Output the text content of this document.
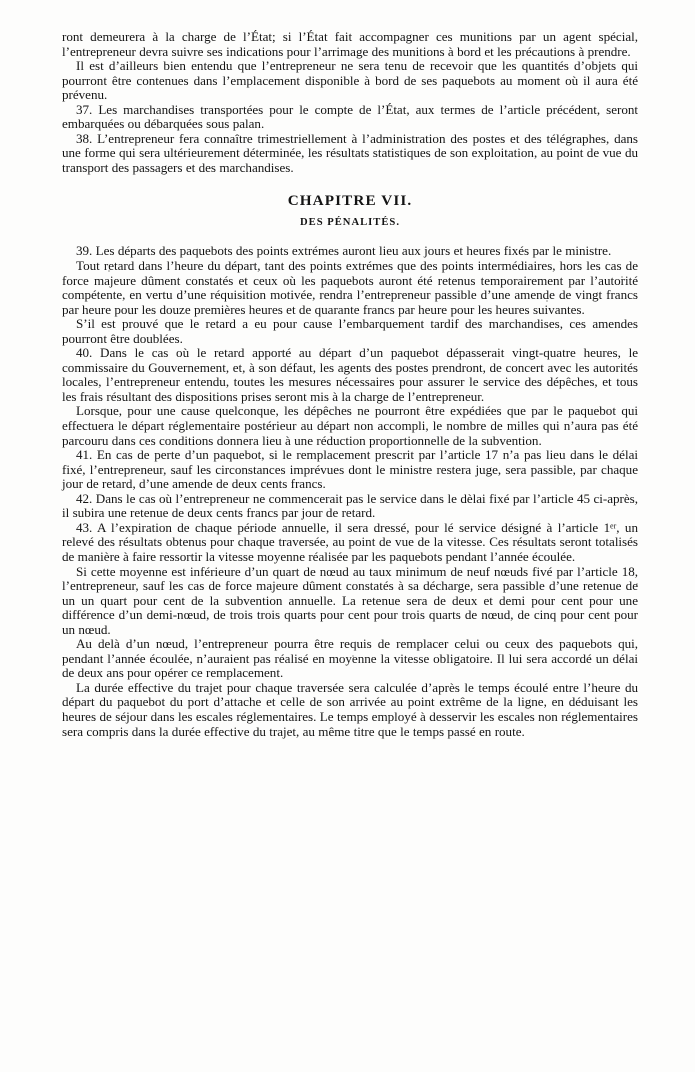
ront demeurera à la charge de l’État; si l’État fait accompagner ces munitions par un agent spécial, l’entrepreneur devra suivre ses indications pour l’arrimage des munitions à bord et les précautions à prendre.

Il est d’ailleurs bien entendu que l’entrepreneur ne sera tenu de recevoir que les quantités d’objets qui pourront être contenues dans l’emplacement disponible à bord de ses paquebots au moment où il aura été prévenu.

37. Les marchandises transportées pour le compte de l’État, aux termes de l’article précédent, seront embarquées ou débarquées sous palan.

38. L’entrepreneur fera connaître trimestriellement à l’administration des postes et des télégraphes, dans une forme qui sera ultérieurement déterminée, les résultats statistiques de son exploitation, au point de vue du transport des passagers et des marchandises.

CHAPITRE VII.
DES PÉNALITÉS.

39. Les départs des paquebots des points extrémes auront lieu aux jours et heures fixés par le ministre.

Tout retard dans l’heure du départ, tant des points extrémes que des points intermédiaires, hors les cas de force majeure dûment constatés et ceux où les paquebots auront été retenus temporairement par l’autorité compétente, en vertu d’une réquisition motivée, rendra l’entrepreneur passible d’une amende de vingt francs par heure pour les douze premières heures et de quarante francs par heure pour les heures suivantes.

S’il est prouvé que le retard a eu pour cause l’embarquement tardif des marchandises, ces amendes pourront être doublées.

40. Dans le cas où le retard apporté au départ d’un paquebot dépasserait vingt-quatre heures, le commissaire du Gouvernement, et, à son défaut, les agents des postes prendront, de concert avec les autorités locales, l’entrepreneur entendu, toutes les mesures nécessaires pour assurer le service des dépêches, et tous les frais résultant des dispositions prises seront mis à la charge de l’entrepreneur.

Lorsque, pour une cause quelconque, les dépêches ne pourront être expédiées que par le paquebot qui effectuera le départ réglementaire postérieur au départ non accompli, le nombre de milles qui n’aura pas été parcouru dans ces conditions donnera lieu à une réduction proportionnelle de la subvention.

41. En cas de perte d’un paquebot, si le remplacement prescrit par l’article 17 n’a pas lieu dans le délai fixé, l’entrepreneur, sauf les circonstances imprévues dont le ministre restera juge, sera passible, par chaque jour de retard, d’une amende de deux cents francs.

42. Dans le cas où l’entrepreneur ne commencerait pas le service dans le dèlai fixé par l’article 45 ci-après, il subira une retenue de deux cents francs par jour de retard.

43. A l’expiration de chaque période annuelle, il sera dressé, pour lé service désigné à l’article 1ᵉʳ, un relevé des résultats obtenus pour chaque traversée, au point de vue de la vitesse. Ces résultats seront totalisés de manière à faire ressortir la vitesse moyenne réalisée par les paquebots pendant l’année écoulée.

Si cette moyenne est inférieure d’un quart de nœud au taux minimum de neuf nœuds fivé par l’article 18, l’entrepreneur, sauf les cas de force majeure dûment constatés à sa décharge, sera passible d’une retenue de un un quart pour cent de la subvention annuelle. La retenue sera de deux et demi pour cent pour une différence d’un demi-nœud, de trois trois quarts pour cent pour trois quarts de nœud, de cinq pour cent pour un nœud.

Au delà d’un nœud, l’entrepreneur pourra être requis de remplacer celui ou ceux des paquebots qui, pendant l’année écoulée, n’auraient pas réalisé en moyenne la vitesse obligatoire. Il lui sera accordé un délai de deux ans pour opérer ce remplacement.

La durée effective du trajet pour chaque traversée sera calculée d’après le temps écoulé entre l’heure du départ du paquebot du port d’attache et celle de son arrivée au point extrême de la ligne, en déduisant les heures de séjour dans les escales réglementaires. Le temps employé à desservir les escales non réglementaires sera compris dans la durée effective du trajet, au même titre que le temps passé en route.
